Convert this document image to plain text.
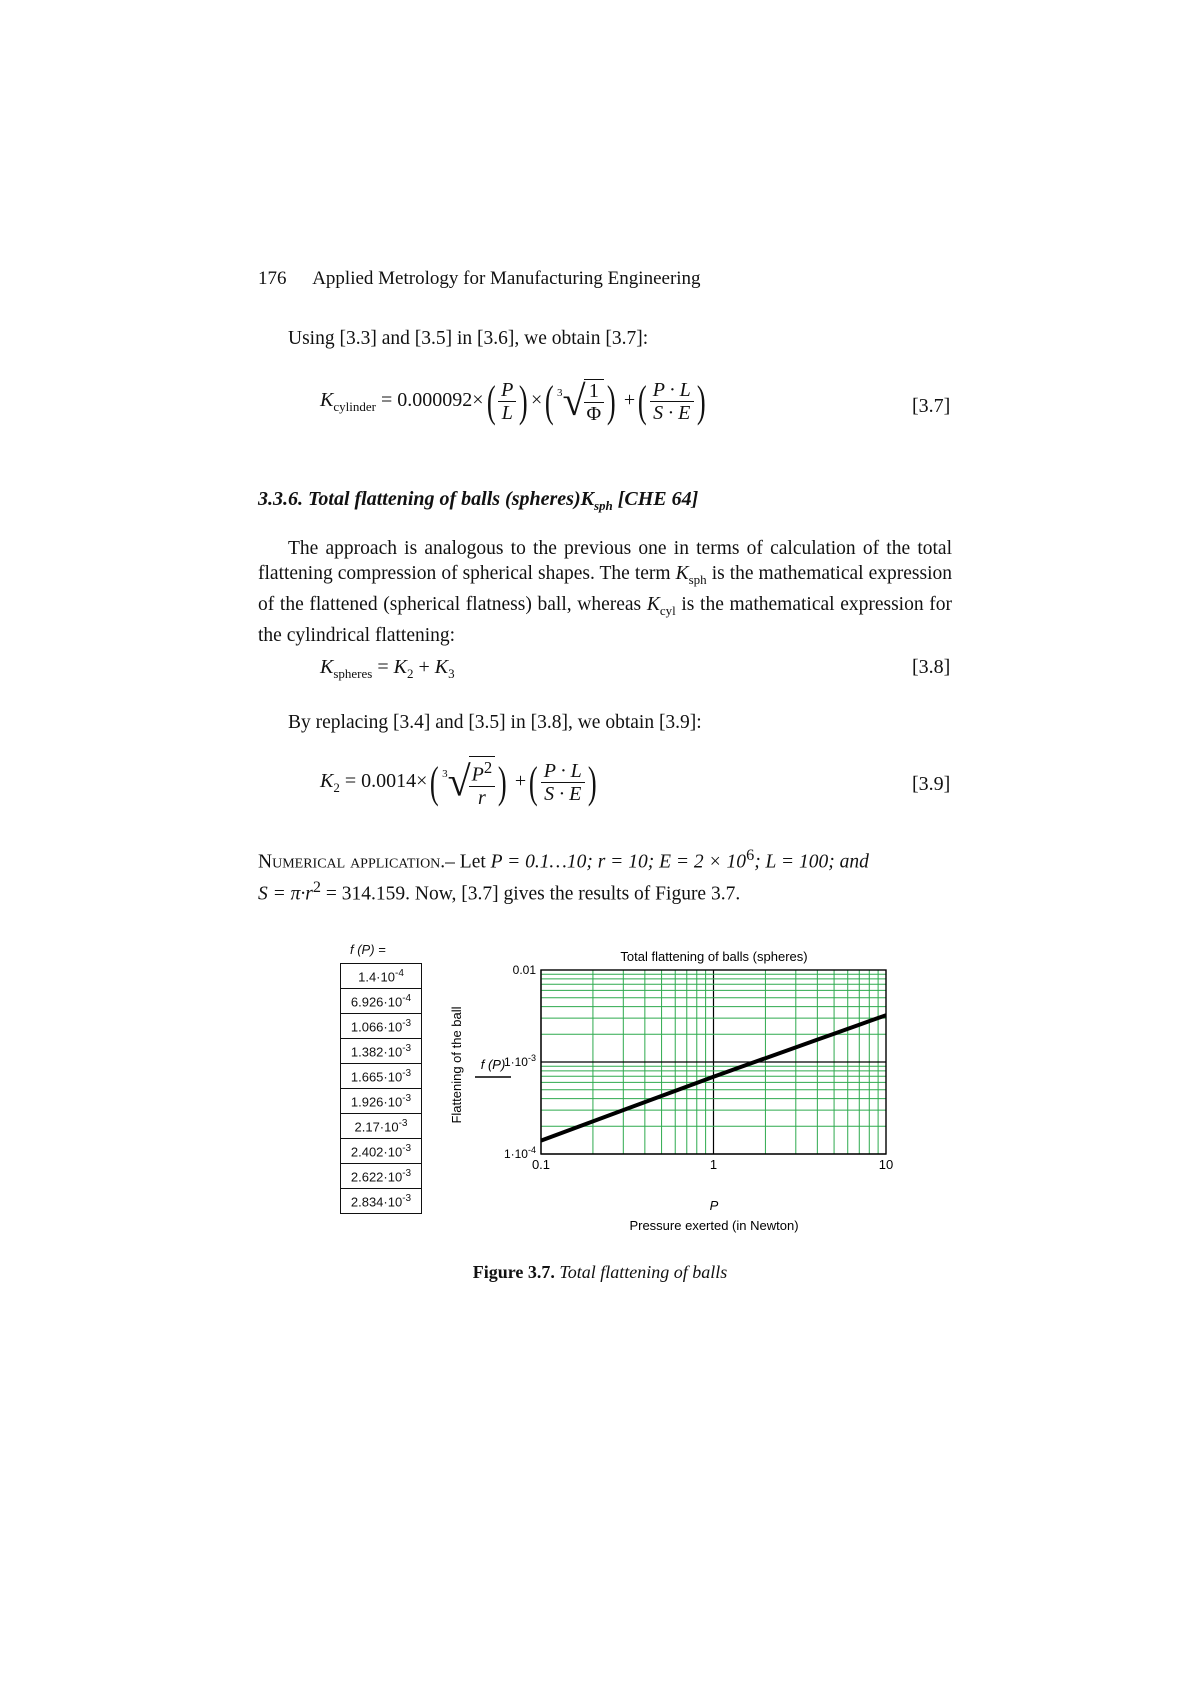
176 Applied Metrology for Manufacturing Engineering
Using [3.3] and [3.5] in [3.6], we obtain [3.7]:
$K_{cylinder} = 0.000092\times( \frac{P}{L}$ ) ×( $^3$√
$\frac{1}{\Phi}$ ) +( $\frac{P \cdot L}{S \cdot E}$ )	[3.7]
3.3.6. Total flattening of balls $(spheres)K_{sph}$ [CHE 64]
The approach is analogous to the previous one in terms of calculation of the total flattening compression of spherical shapes. The term $K_{sph}$ is the mathematical expression of the flattened (spherical flatness) ball, whereas $K_{cyl}$ is the mathematical expression for the cylindrical flattening:
$K_{spheres} = K_2 + K_3$	[3.8]
By replacing [3.4] and [3.5] in [3.8], we obtain [3.9]:
$K_2 = 0.0014\times$( $^3$√
$\frac{P^2}{r}$ ) +( $\frac{P \cdot L}{S \cdot E}$ )	[3.9]
Numerical application.– Let P = 0.1…10; r = 10; $E = 2 \times 10^6$; L = 100; and
$S = \pi\cdot r^2 = 314.159$. Now, [3.7] gives the results of Figure 3.7.
f (P) =
$1.4\cdot 10^{-4}$
$6.926\cdot 10^{-4}$
$1.066\cdot 10^{-3}$
$1.382\cdot 10^{-3}$
$1.665\cdot 10^{-3}$
$1.926\cdot 10^{-3}$
$2.17\cdot 10^{-3}$
$2.402\cdot 10^{-3}$
$2.622\cdot 10^{-3}$
$2.834\cdot 10^{-3}$
Total flattening of balls (spheres)
0.1	1	10
$1\cdot 10^{-4}$
$1\cdot 10^{-3}$
0.01
P
Pressure exerted (in Newton)
Flattening of the ball f (P)
Figure 3.7. Total flattening of balls
